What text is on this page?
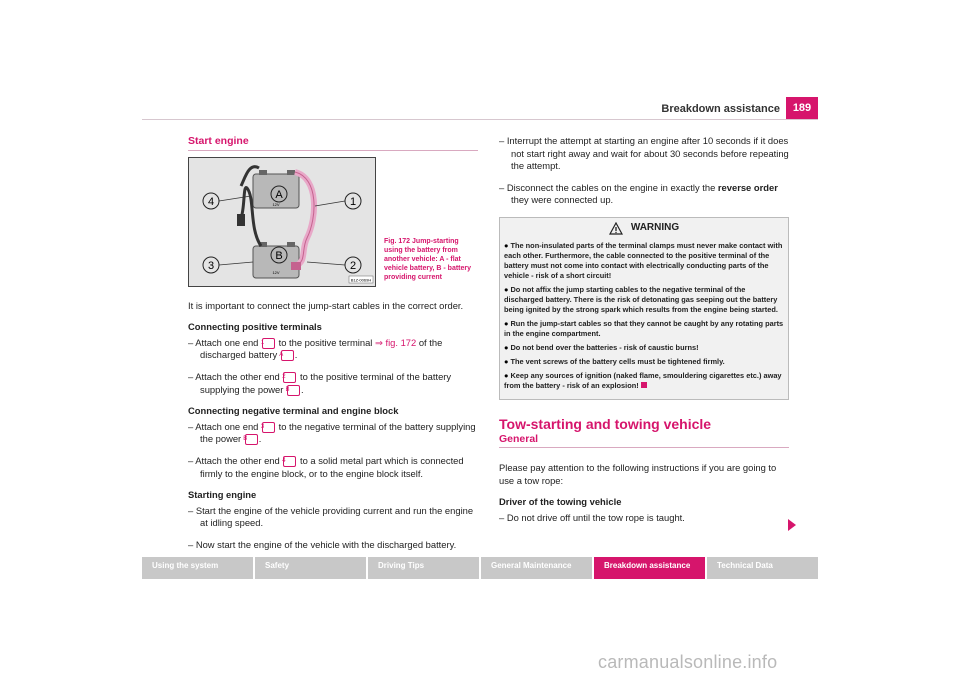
Breakdown assistance	189
Start engine
A
B
1
2
3
4	12V
12V
B1Z-0069H
Fig. 172 Jump-starting using the battery from another vehicle: A - flat vehicle battery, B - battery providing current

It is important to connect the jump-start cables in the correct order.

Connecting positive terminals
– Attach one end 1 to the positive terminal ⇒ fig. 172 of the discharged battery A .
– Attach the other end 2 to the positive terminal of the battery supplying the power B .
Connecting negative terminal and engine block
– Attach one end 3 to the negative terminal of the battery supplying the power B .
– Attach the other end 4 to a solid metal part which is connected firmly to the engine block, or to the engine block itself.
Starting engine
– Start the engine of the vehicle providing current and run the engine at idling speed.
– Now start the engine of the vehicle with the discharged battery.
– Interrupt the attempt at starting an engine after 10 seconds if it does not start right away and wait for about 30 seconds before repeating the attempt.
– Disconnect the cables on the engine in exactly the reverse order they were connected up.
WARNING
● The non-insulated parts of the terminal clamps must never make contact with each other. Furthermore, the cable connected to the positive terminal of the battery must not come into contact with electrically conducting parts of the vehicle - risk of a short circuit!
● Do not affix the jump starting cables to the negative terminal of the discharged battery. There is the risk of detonating gas seeping out the battery being ignited by the strong spark which results from the engine being started.
● Run the jump-start cables so that they cannot be caught by any rotating parts in the engine compartment.
● Do not bend over the batteries - risk of caustic burns!
● The vent screws of the battery cells must be tightened firmly.
● Keep any sources of ignition (naked flame, smouldering cigarettes etc.) away from the battery - risk of an explosion!
Tow-starting and towing vehicle
General

Please pay attention to the following instructions if you are going to use a tow rope:

Driver of the towing vehicle
– Do not drive off until the tow rope is taught.
Using the system	Safety	Driving Tips	General Maintenance	Breakdown assistance	Technical Data
carmanualsonline.info
